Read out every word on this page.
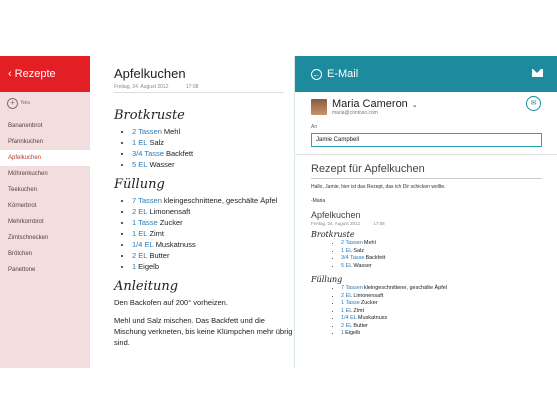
‹ Rezepte
+	Neu
Bananenbrot
Pfannkuchen
Apfelkuchen
Möhrenkuchen
Teekuchen
Körnerbrot
Mehrkornbrot
Zimtschnecken
Brötchen
Panettone
Apfelkuchen
Freitag, 24. August 2012	17:08
Brotkruste
• 2 Tassen Mehl
• 1 EL Salz
• 3/4 Tasse Backfett
• 5 EL Wasser
Füllung
• 7 Tassen kleingeschnittene, geschälte Äpfel
• 2 EL Limonensaft
• 1 Tasse Zucker
• 1 EL Zimt
• 1/4 EL Muskatnuss
• 2 EL Butter
• 1 Eigelb
Anleitung
Den Backofen auf 200° vorheizen.
Mehl und Salz mischen. Das Backfett und die Mischung verkneten, bis keine Klümpchen mehr übrig sind.
← E-Mail
Maria Cameron ⌄
maria@contoso.com
✉
An
Jamie Campbell
Rezept für Apfelkuchen
Hallo, Jamie, hier ist das Rezept, das ich Dir schicken wollte.
-Maria
Apfelkuchen
Freitag, 24. August 2012	17:08
Brotkruste
• 2 TassenMehl
• 1 ELSalz
• 3/4 TasseBackfett
• 5 ELWasser
Füllung
• 7 Tassenkleingeschnittene, geschälte Äpfel
• 2 ELLimonensaft
• 1 TasseZucker
• 1 ELZimt
• 1/4 ELMuskatnuss
• 2 ELButter
• 1Eigelb
